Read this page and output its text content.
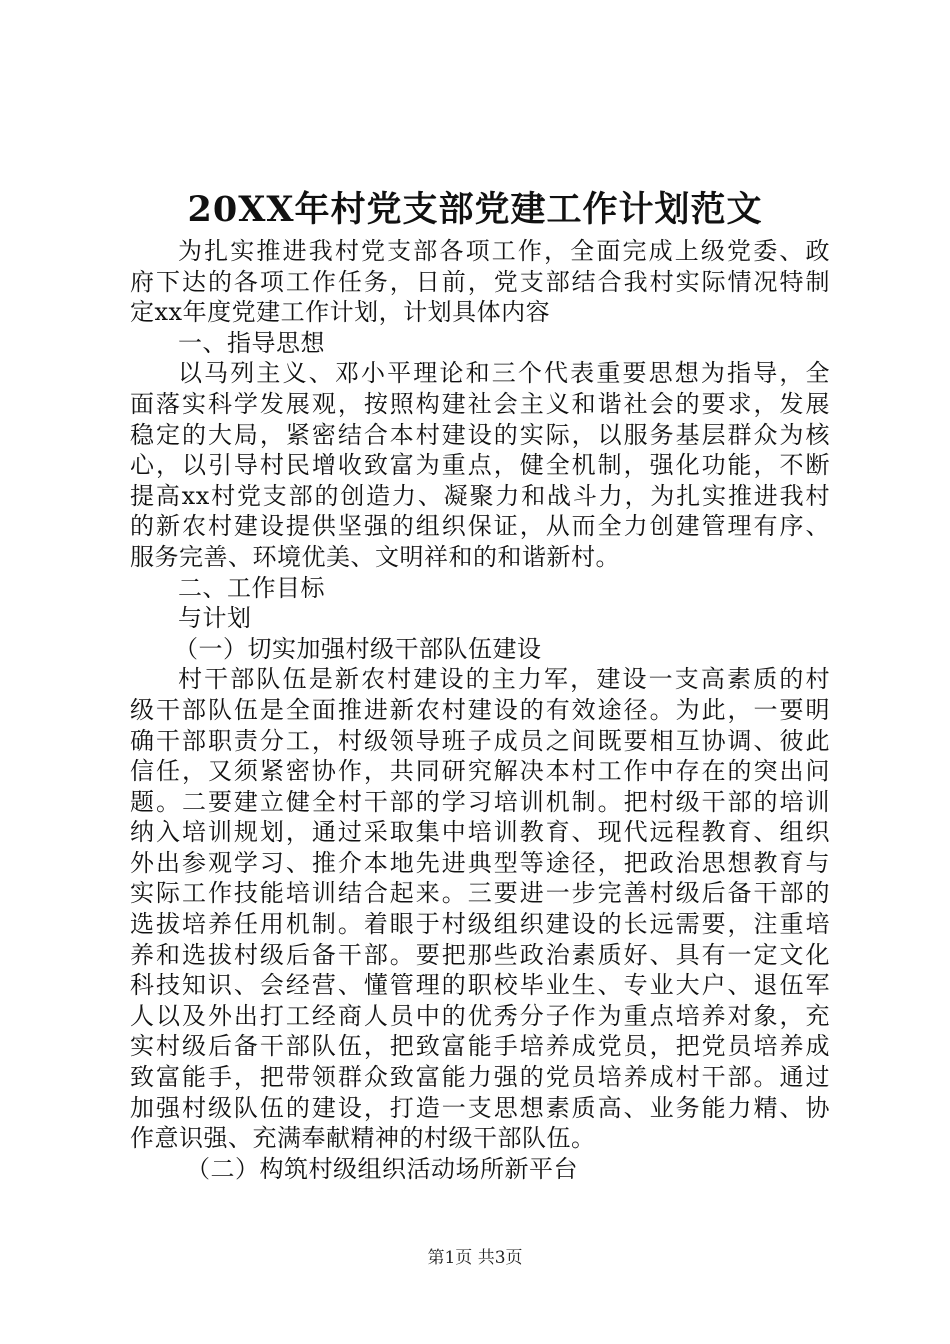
20XX年村党支部党建工作计划范文
为扎实推进我村党支部各项工作，全面完成上级党委、政
府下达的各项工作任务，日前，党支部结合我村实际情况特制
定xx年度党建工作计划，计划具体内容
一、指导思想
以马列主义、邓小平理论和三个代表重要思想为指导，全
面落实科学发展观，按照构建社会主义和谐社会的要求，发展
稳定的大局，紧密结合本村建设的实际，以服务基层群众为核
心，以引导村民增收致富为重点，健全机制，强化功能，不断
提高xx村党支部的创造力、凝聚力和战斗力，为扎实推进我村
的新农村建设提供坚强的组织保证，从而全力创建管理有序、
服务完善、环境优美、文明祥和的和谐新村。
二、工作目标
与计划
（一）切实加强村级干部队伍建设
村干部队伍是新农村建设的主力军，建设一支高素质的村
级干部队伍是全面推进新农村建设的有效途径。为此，一要明
确干部职责分工，村级领导班子成员之间既要相互协调、彼此
信任，又须紧密协作，共同研究解决本村工作中存在的突出问
题。二要建立健全村干部的学习培训机制。把村级干部的培训
纳入培训规划，通过采取集中培训教育、现代远程教育、组织
外出参观学习、推介本地先进典型等途径，把政治思想教育与
实际工作技能培训结合起来。三要进一步完善村级后备干部的
选拔培养任用机制。着眼于村级组织建设的长远需要，注重培
养和选拔村级后备干部。要把那些政治素质好、具有一定文化
科技知识、会经营、懂管理的职校毕业生、专业大户、退伍军
人以及外出打工经商人员中的优秀分子作为重点培养对象，充
实村级后备干部队伍，把致富能手培养成党员，把党员培养成
致富能手，把带领群众致富能力强的党员培养成村干部。通过
加强村级队伍的建设，打造一支思想素质高、业务能力精、协
作意识强、充满奉献精神的村级干部队伍。
（二）构筑村级组织活动场所新平台
第1页 共3页
